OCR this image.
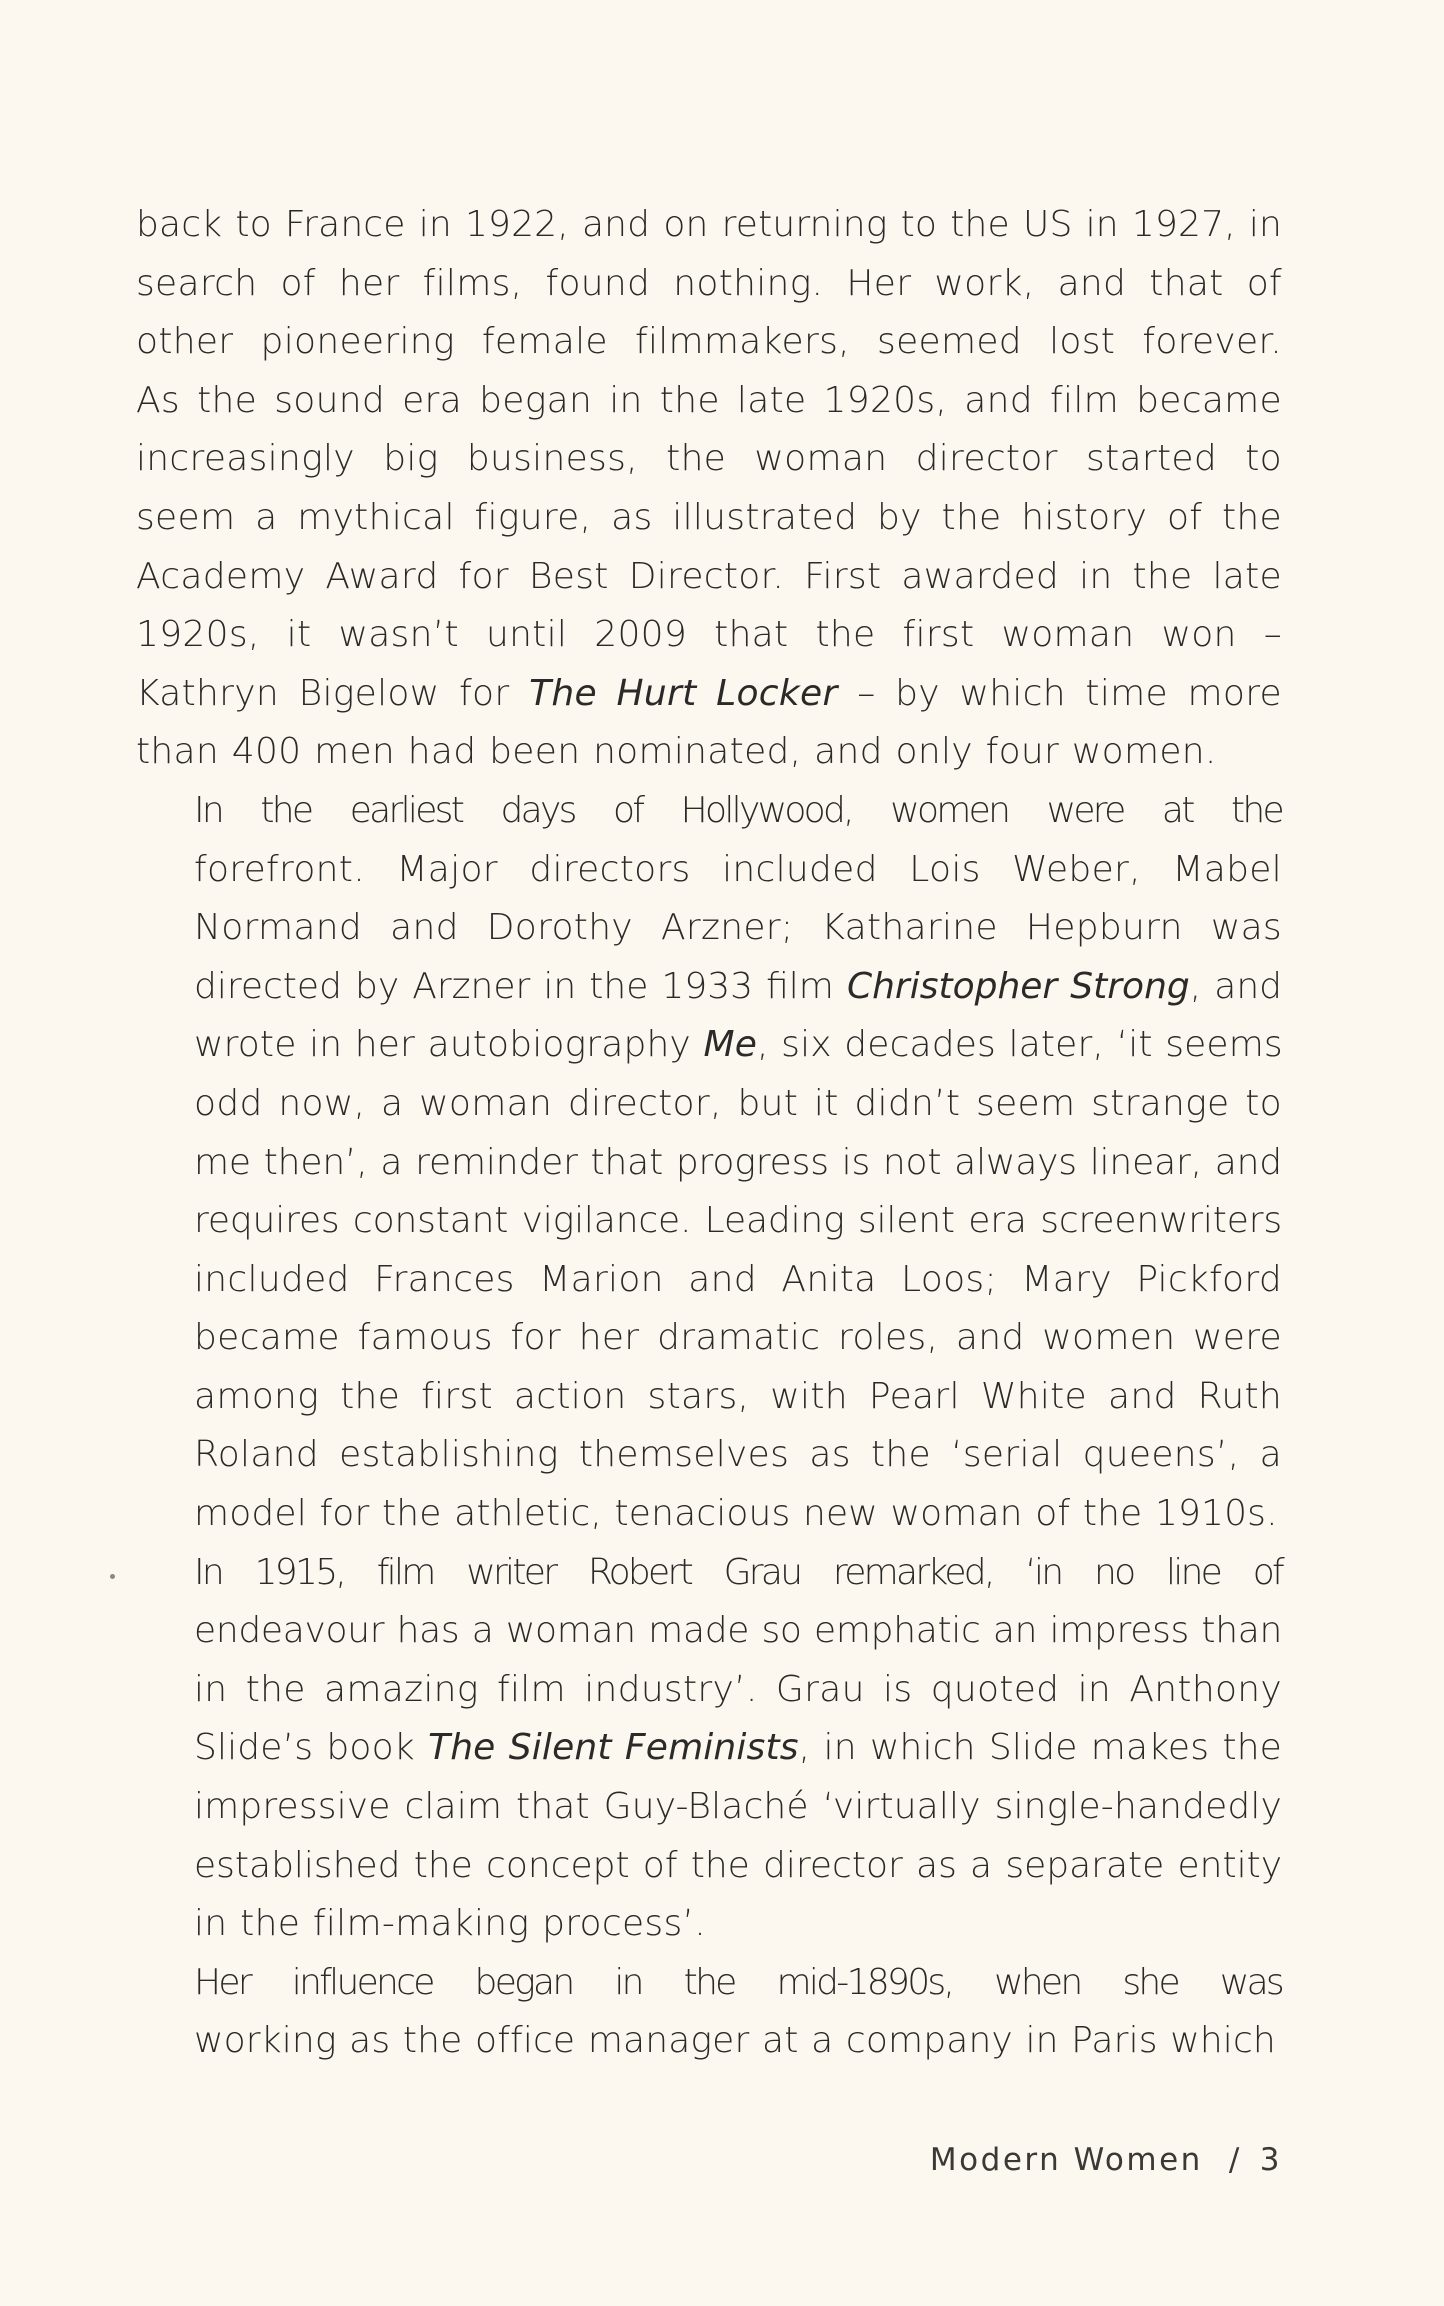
back to France in 1922, and on returning to the US in 1927, in
search of her films, found nothing. Her work, and that of
other pioneering female filmmakers, seemed lost forever.
As the sound era began in the late 1920s, and film became
increasingly big business, the woman director started to
seem a mythical figure, as illustrated by the history of the
Academy Award for Best Director. First awarded in the late
1920s, it wasn’t until 2009 that the first woman won –
Kathryn Bigelow for The Hurt Locker – by which time more
than 400 men had been nominated, and only four women.

In the earliest days of Hollywood, women were at the
forefront. Major directors included Lois Weber, Mabel
Normand and Dorothy Arzner; Katharine Hepburn was
directed by Arzner in the 1933 film Christopher Strong, and
wrote in her autobiography Me, six decades later, ‘it seems
odd now, a woman director, but it didn’t seem strange to
me then’, a reminder that progress is not always linear, and
requires constant vigilance. Leading silent era screenwriters
included Frances Marion and Anita Loos; Mary Pickford
became famous for her dramatic roles, and women were
among the first action stars, with Pearl White and Ruth
Roland establishing themselves as the ‘serial queens’, a
model for the athletic, tenacious new woman of the 1910s.

In 1915, film writer Robert Grau remarked, ‘in no line of
endeavour has a woman made so emphatic an impress than
in the amazing film industry’. Grau is quoted in Anthony
Slide’s book The Silent Feminists, in which Slide makes the
impressive claim that Guy-Blaché ‘virtually single-handedly
established the concept of the director as a separate entity
in the film-making process’.

Her influence began in the mid-1890s, when she was
working as the office manager at a company in Paris which

Modern Women / 3
